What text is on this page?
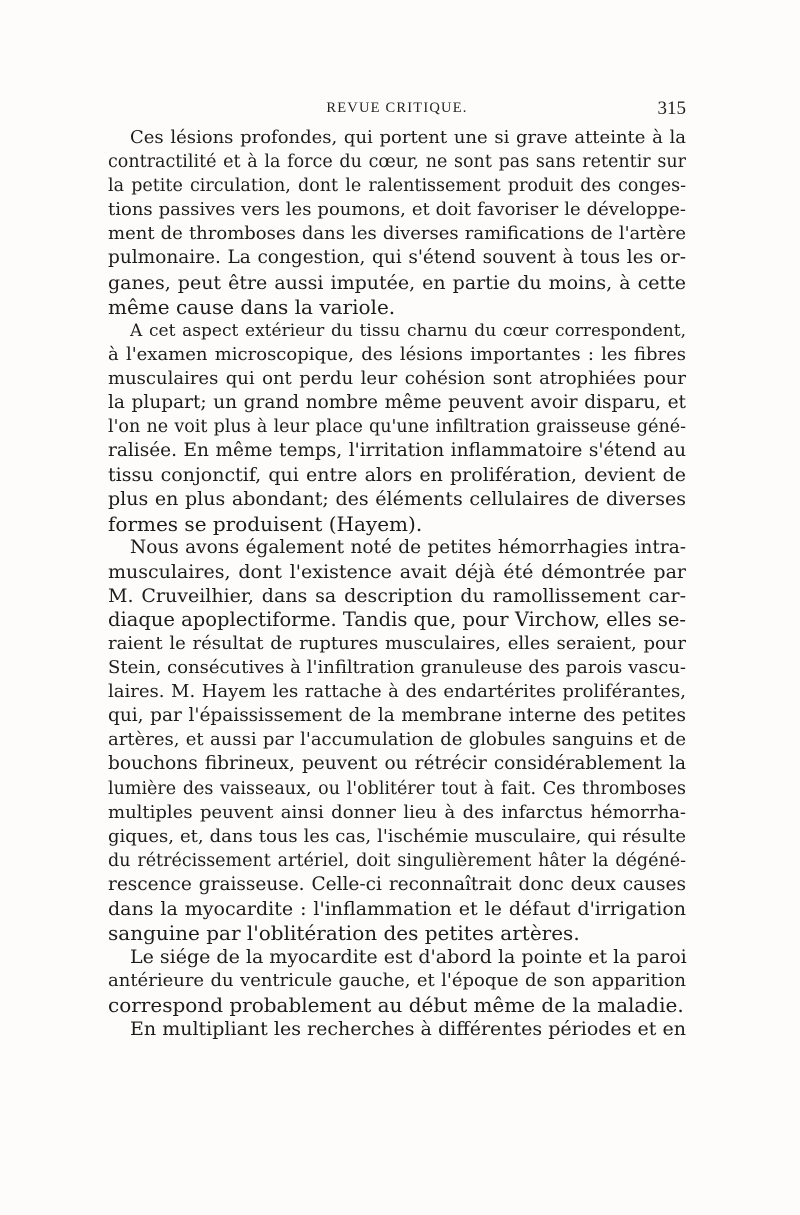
REVUE CRITIQUE.	315
Ces lésions profondes, qui portent une si grave atteinte à la
contractilité et à la force du cœur, ne sont pas sans retentir sur
la petite circulation, dont le ralentissement produit des conges-
tions passives vers les poumons, et doit favoriser le développe-
ment de thromboses dans les diverses ramifications de l'artère
pulmonaire. La congestion, qui s'étend souvent à tous les or-
ganes, peut être aussi imputée, en partie du moins, à cette
même cause dans la variole.
A cet aspect extérieur du tissu charnu du cœur correspondent,
à l'examen microscopique, des lésions importantes : les fibres
musculaires qui ont perdu leur cohésion sont atrophiées pour
la plupart; un grand nombre même peuvent avoir disparu, et
l'on ne voit plus à leur place qu'une infiltration graisseuse géné-
ralisée. En même temps, l'irritation inflammatoire s'étend au
tissu conjonctif, qui entre alors en prolifération, devient de
plus en plus abondant; des éléments cellulaires de diverses
formes se produisent (Hayem).
Nous avons également noté de petites hémorrhagies intra-
musculaires, dont l'existence avait déjà été démontrée par
M. Cruveilhier, dans sa description du ramollissement car-
diaque apoplectiforme. Tandis que, pour Virchow, elles se-
raient le résultat de ruptures musculaires, elles seraient, pour
Stein, consécutives à l'infiltration granuleuse des parois vascu-
laires. M. Hayem les rattache à des endartérites proliférantes,
qui, par l'épaississement de la membrane interne des petites
artères, et aussi par l'accumulation de globules sanguins et de
bouchons fibrineux, peuvent ou rétrécir considérablement la
lumière des vaisseaux, ou l'oblitérer tout à fait. Ces thromboses
multiples peuvent ainsi donner lieu à des infarctus hémorrha-
giques, et, dans tous les cas, l'ischémie musculaire, qui résulte
du rétrécissement artériel, doit singulièrement hâter la dégéné-
rescence graisseuse. Celle-ci reconnaîtrait donc deux causes
dans la myocardite : l'inflammation et le défaut d'irrigation
sanguine par l'oblitération des petites artères.
Le siége de la myocardite est d'abord la pointe et la paroi
antérieure du ventricule gauche, et l'époque de son apparition
correspond probablement au début même de la maladie.
En multipliant les recherches à différentes périodes et en
